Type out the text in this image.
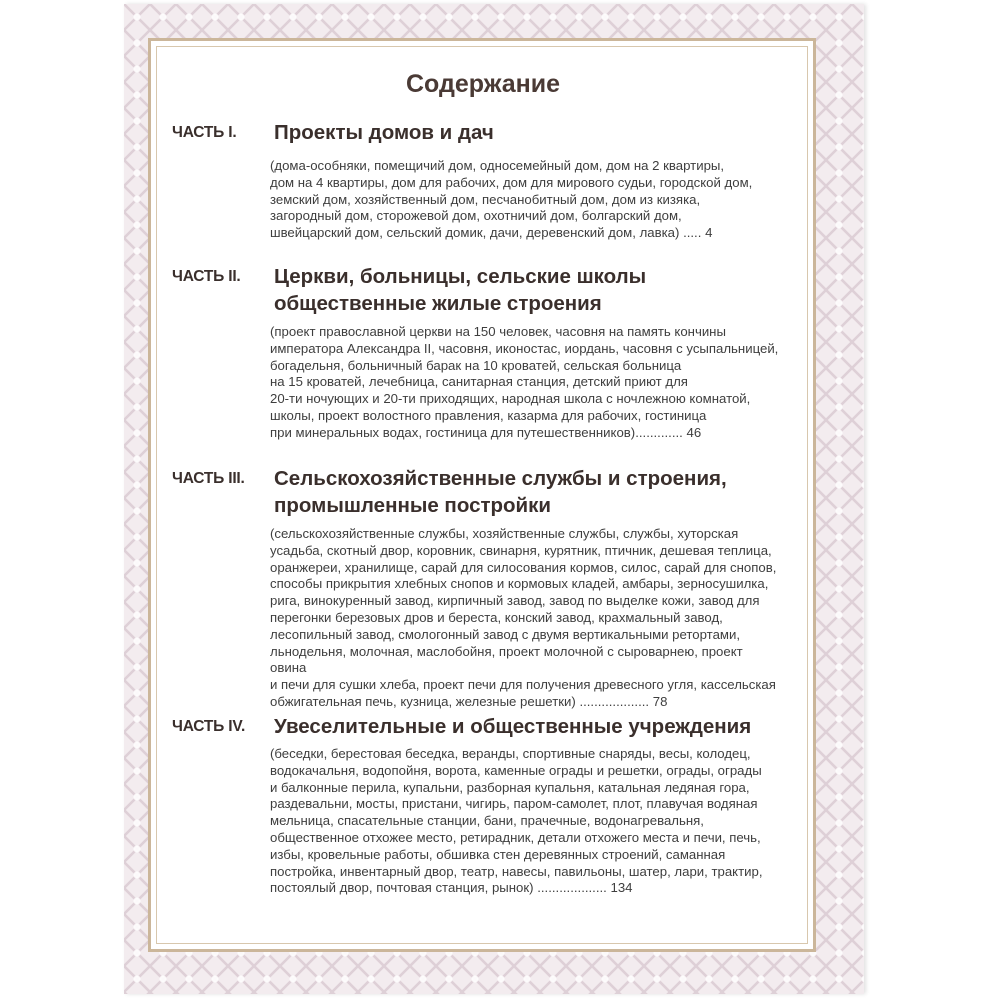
Содержание
ЧАСТЬ I. Проекты домов и дач
(дома-особняки, помещичий дом, односемейный дом, дом на 2 квартиры,
дом на 4 квартиры, дом для рабочих, дом для мирового судьи, городской дом,
земский дом, хозяйственный дом, песчанобитный дом, дом из кизяка,
загородный дом, сторожевой дом, охотничий дом, болгарский дом,
швейцарский дом, сельский домик, дачи, деревенский дом, лавка) ..... 4
ЧАСТЬ II. Церкви, больницы, сельские школы
общественные жилые строения
(проект православной церкви на 150 человек, часовня на память кончины
императора Александра II, часовня, иконостас, иордань, часовня с усыпальницей,
богадельня, больничный барак на 10 кроватей, сельская больница
на 15 кроватей, лечебница, санитарная станция, детский приют для
20-ти ночующих и 20-ти приходящих, народная школа с ночлежною комнатой,
школы, проект волостного правления, казарма для рабочих, гостиница
при минеральных водах, гостиница для путешественников)............. 46
ЧАСТЬ III. Сельскохозяйственные службы и строения,
промышленные постройки
(сельскохозяйственные службы, хозяйственные службы, службы, хуторская
усадьба, скотный двор, коровник, свинарня, курятник, птичник, дешевая теплица,
оранжереи, хранилище, сарай для силосования кормов, силос, сарай для снопов,
способы прикрытия хлебных снопов и кормовых кладей, амбары, зерносушилка,
рига, винокуренный завод, кирпичный завод, завод по выделке кожи, завод для
перегонки березовых дров и береста, конский завод, крахмальный завод,
лесопильный завод, смологонный завод с двумя вертикальными ретортами,
льнодельня, молочная, маслобойня, проект молочной с сыроварнею, проект овина
и печи для сушки хлеба, проект печи для получения древесного угля, кассельская
обжигательная печь, кузница, железные решетки) ................... 78
ЧАСТЬ IV. Увеселительные и общественные учреждения
(беседки, берестовая беседка, веранды, спортивные снаряды, весы, колодец,
водокачальня, водопойня, ворота, каменные ограды и решетки, ограды, ограды
и балконные перила, купальни, разборная купальня, катальная ледяная гора,
раздевальни, мосты, пристани, чигирь, паром-самолет, плот, плавучая водяная
мельница, спасательные станции, бани, прачечные, водонагревальня,
общественное отхожее место, ретирадник, детали отхожего места и печи, печь,
избы, кровельные работы, обшивка стен деревянных строений, саманная
постройка, инвентарный двор, театр, навесы, павильоны, шатер, лари, трактир,
постоялый двор, почтовая станция, рынок) ................... 134
